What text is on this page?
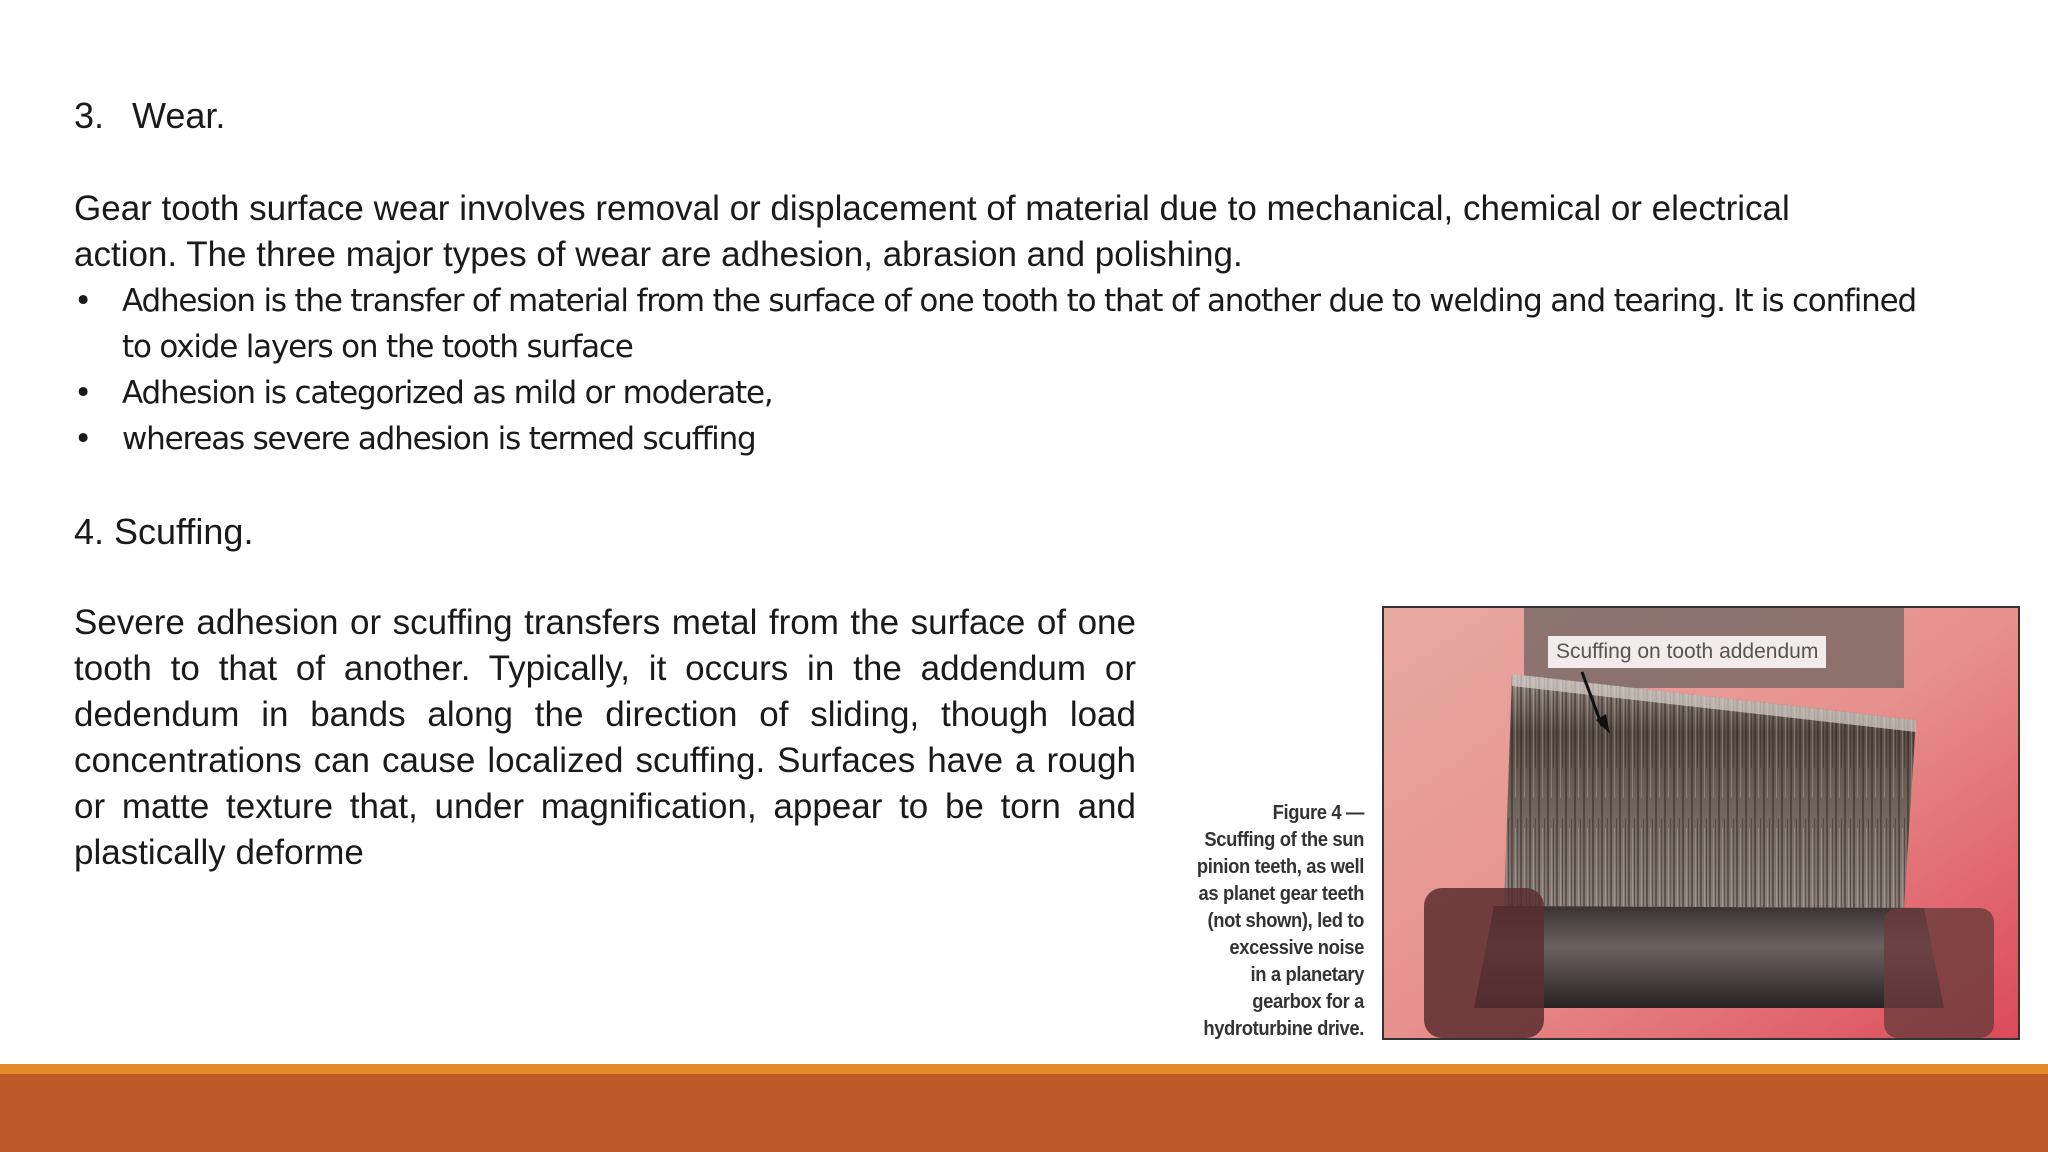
3. Wear.
Gear tooth surface wear involves removal or displacement of material due to mechanical, chemical or electrical action. The three major types of wear are adhesion, abrasion and polishing.
• Adhesion is the transfer of material from the surface of one tooth to that of another due to welding and tearing. It is confined to oxide layers on the tooth surface
• Adhesion is categorized as mild or moderate,
• whereas severe adhesion is termed scuffing
4. Scuffing.
Severe adhesion or scuffing transfers metal from the surface of one tooth to that of another. Typically, it occurs in the addendum or dedendum in bands along the direction of sliding, though load concentrations can cause localized scuffing. Surfaces have a rough or matte texture that, under magnification, appear to be torn and plastically deforme
Figure 4 —
Scuffing of the sun
pinion teeth, as well
as planet gear teeth
(not shown), led to
excessive noise
in a planetary
gearbox for a
hydroturbine drive.
Scuffing on tooth addendum
